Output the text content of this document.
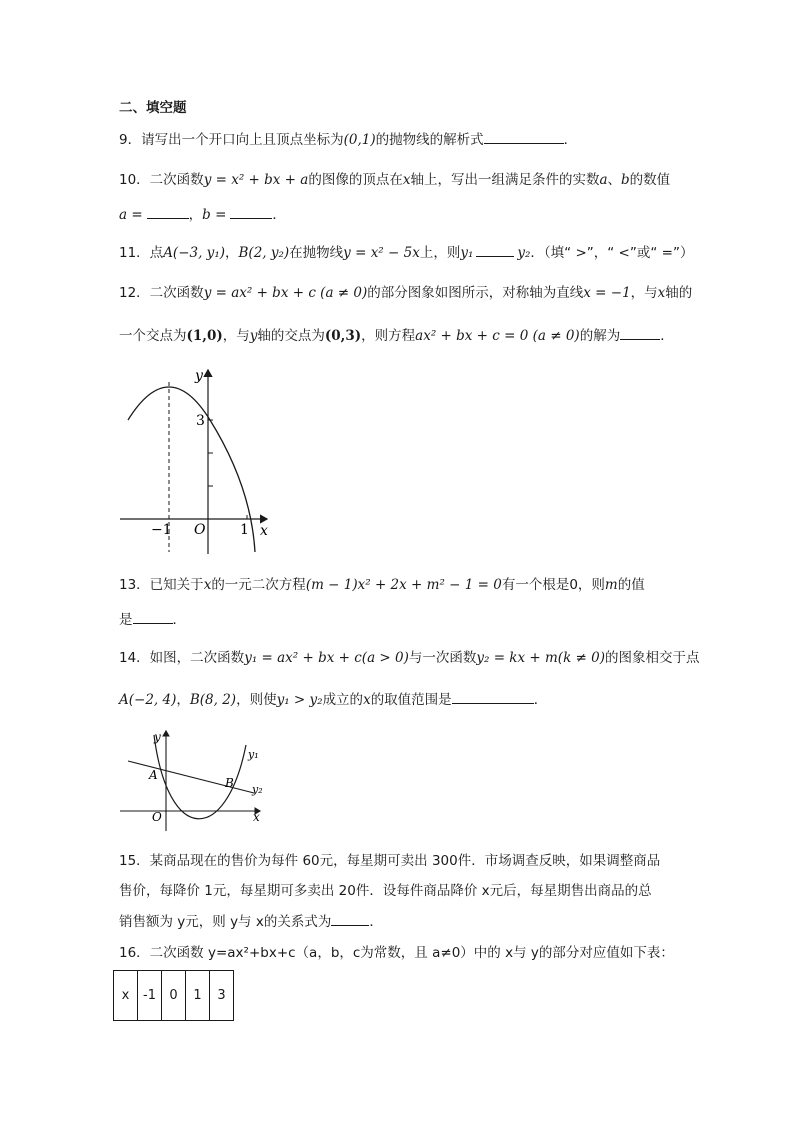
二、填空题
9．请写出一个开口向上且顶点坐标为(0,1)的抛物线的解析式	．
10．二次函数y = x² + bx + a的图像的顶点在x轴上，写出一组满足条件的实数a、b的数值
a =	，b =	．
11．点A(−3, y₁)，B(2, y₂)在抛物线y = x² − 5x上，则y₁	y₂．（填“ >”，“ <”或“ =”）
12．二次函数y = ax² + bx + c (a ≠ 0)的部分图象如图所示，对称轴为直线x = −1，与x轴的
一个交点为(1,0)，与y轴的交点为(0,3)，则方程ax² + bx + c = 0 (a ≠ 0)的解为	．
y
x
3
−1 O 1
13．已知关于x的一元二次方程(m − 1)x² + 2x + m² − 1 = 0有一个根是0，则m的值
是	．
14．如图，二次函数y₁ = ax² + bx + c(a > 0)与一次函数y₂ = kx + m(k ≠ 0)的图象相交于点
A(−2, 4)，B(8, 2)，则使y₁ > y₂成立的x的取值范围是	．
y
x
O
A
B
y₁
y₂
15．某商品现在的售价为每件 60元，每星期可卖出 300件．市场调查反映，如果调整商品
售价，每降价 1元，每星期可多卖出 20件．设每件商品降价 x元后，每星期售出商品的总
销售额为 y元，则 y与 x的关系式为	．
16．二次函数 y=ax²+bx+c（a，b，c为常数，且 a≠0）中的 x与 y的部分对应值如下表：
x	-1	0	1	3
